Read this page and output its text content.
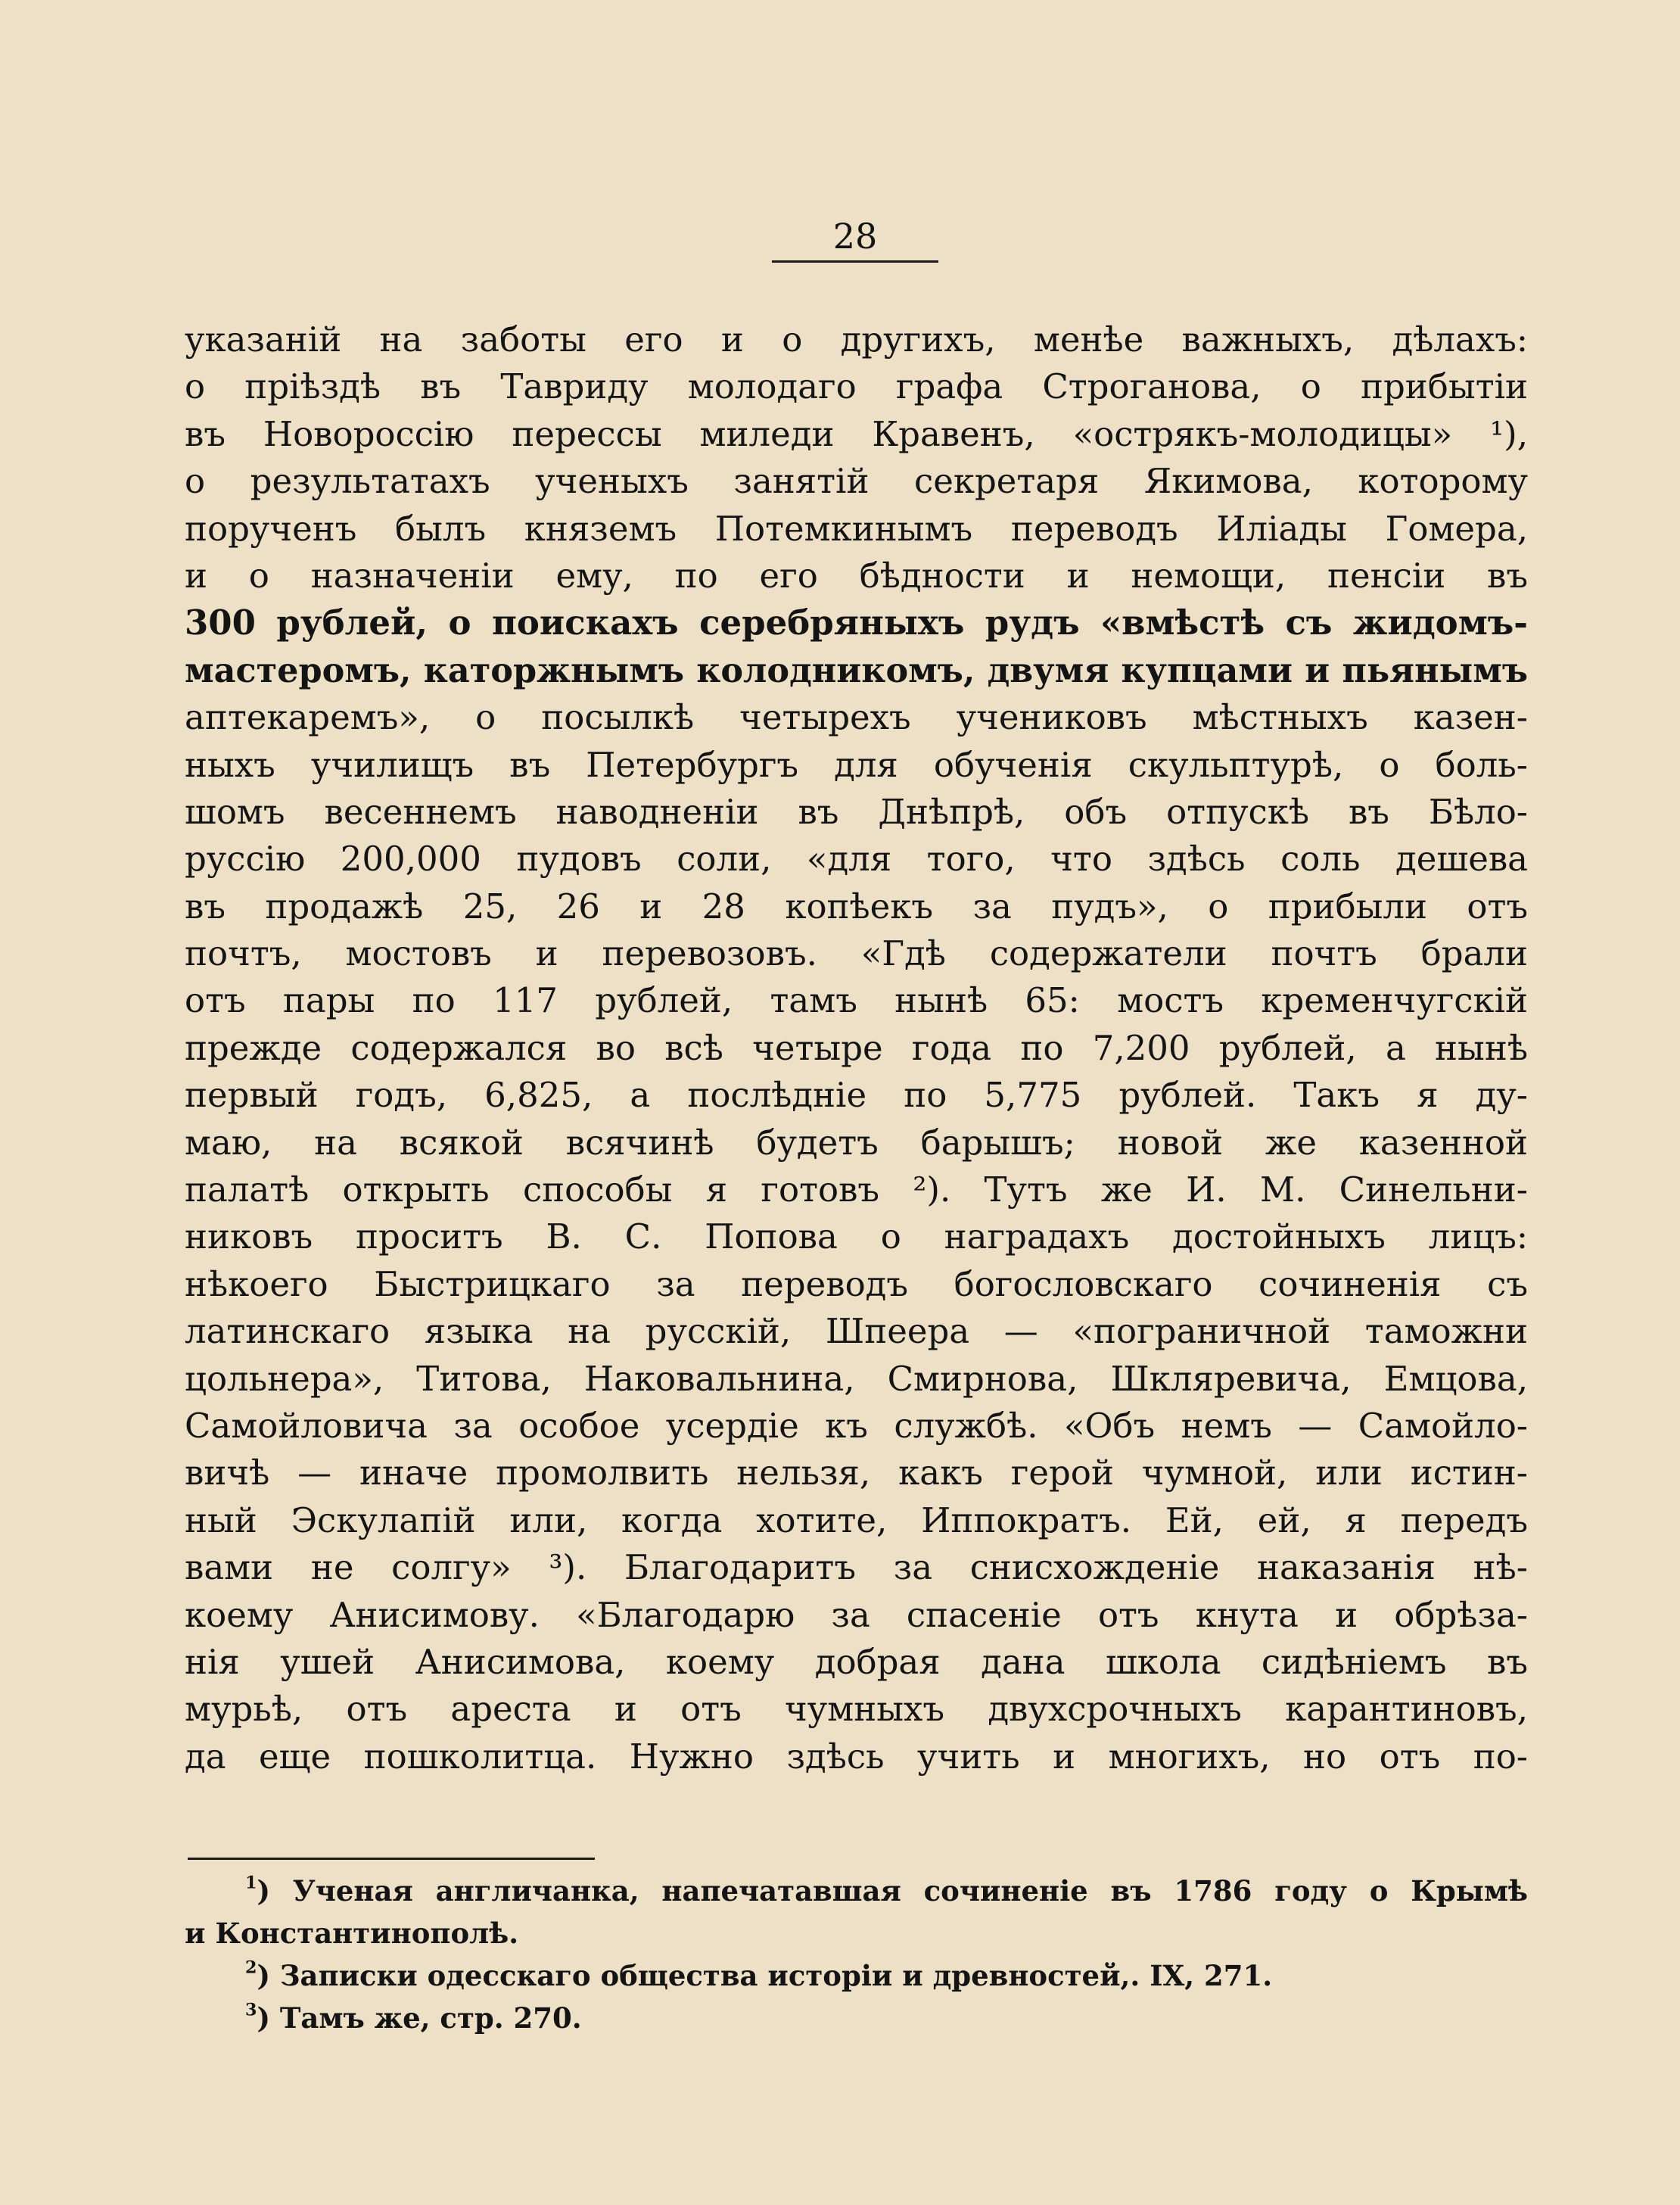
28
указаній на заботы его и о другихъ, менѣе важныхъ, дѣлахъ:
о пріѣздѣ въ Тавриду молодаго графа Строганова, о прибытіи
въ Новороссію перессы миледи Кравенъ, «острякъ-молодицы» ¹),
о результатахъ ученыхъ занятій секретаря Якимова, которому
порученъ былъ княземъ Потемкинымъ переводъ Иліады Гомера,
и о назначеніи ему, по его бѣдности и немощи, пенсіи въ
300 рублей, о поискахъ серебряныхъ рудъ «вмѣстѣ съ жидомъ-
мастеромъ, каторжнымъ колодникомъ, двумя купцами и пьянымъ
аптекаремъ», о посылкѣ четырехъ учениковъ мѣстныхъ казен-
ныхъ училищъ въ Петербургъ для обученія скульптурѣ, о боль-
шомъ весеннемъ наводненіи въ Днѣпрѣ, объ отпускѣ въ Бѣло-
руссію 200,000 пудовъ соли, «для того, что здѣсь соль дешева
въ продажѣ 25, 26 и 28 копѣекъ за пудъ», о прибыли отъ
почтъ, мостовъ и перевозовъ. «Гдѣ содержатели почтъ брали
отъ пары по 117 рублей, тамъ нынѣ 65: мостъ кременчугскій
прежде содержался во всѣ четыре года по 7,200 рублей, а нынѣ
первый годъ, 6,825, а послѣдніе по 5,775 рублей. Такъ я ду-
маю, на всякой всячинѣ будетъ барышъ; новой же казенной
палатѣ открыть способы я готовъ ²). Тутъ же И. М. Синельни-
никовъ проситъ В. С. Попова о наградахъ достойныхъ лицъ:
нѣкоего Быстрицкаго за переводъ богословскаго сочиненія съ
латинскаго языка на русскій, Шпеера — «пограничной таможни
цольнера», Титова, Наковальнина, Смирнова, Шкляревича, Емцова,
Самойловича за особое усердіе къ службѣ. «Объ немъ — Самойло-
вичѣ — иначе промолвить нельзя, какъ герой чумной, или истин-
ный Эскулапій или, когда хотите, Иппократъ. Ей, ей, я передъ
вами не солгу» ³). Благодаритъ за снисхожденіе наказанія нѣ-
коему Анисимову. «Благодарю за спасеніе отъ кнута и обрѣза-
нія ушей Анисимова, коему добрая дана школа сидѣніемъ въ
мурьѣ, отъ ареста и отъ чумныхъ двухсрочныхъ карантиновъ,
да еще пошколитца. Нужно здѣсь учить и многихъ, но отъ по-
$^1$) Ученая англичанка, напечатавшая сочиненіе въ 1786 году о Крымѣ
и Константинополѣ.
$^2$) Записки одесскаго общества исторіи и древностей,. IX, 271.
$^3$) Тамъ же, стр. 270.
